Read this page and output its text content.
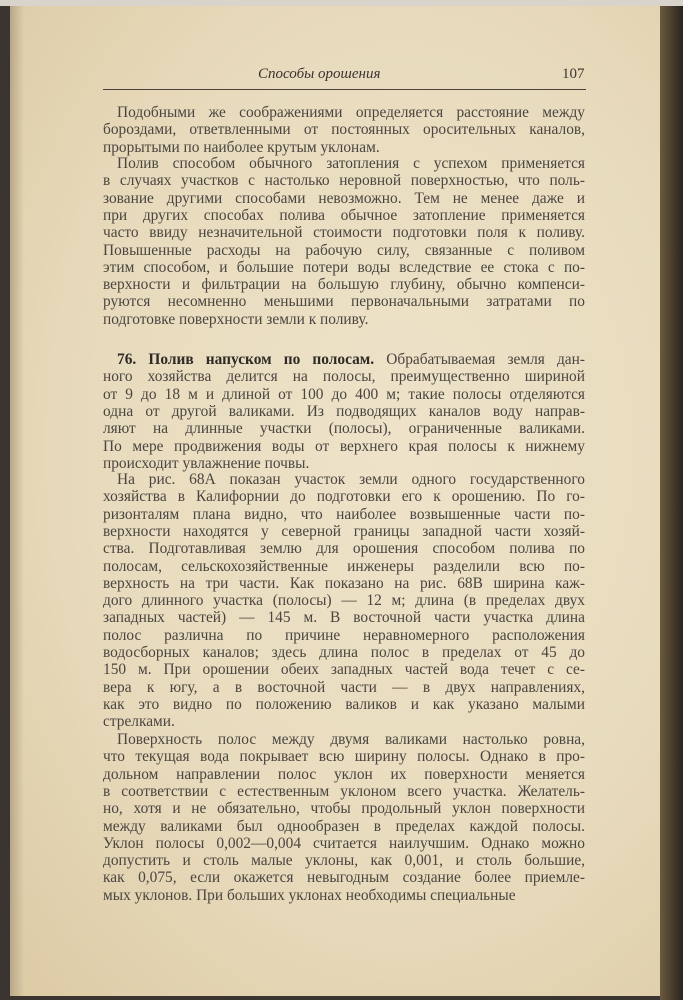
Способы орошения	107
Подобными же соображениями определяется расстояние между
бороздами, ответвленными от постоянных оросительных каналов,
прорытыми по наиболее крутым уклонам.
Полив способом обычного затопления с успехом применяется
в случаях участков с настолько неровной поверхностью, что поль-
зование другими способами невозможно. Тем не менее даже и
при других способах полива обычное затопление применяется
часто ввиду незначительной стоимости подготовки поля к поливу.
Повышенные расходы на рабочую силу, связанные с поливом
этим способом, и большие потери воды вследствие ее стока с по-
верхности и фильтрации на большую глубину, обычно компенси-
руются несомненно меньшими первоначальными затратами по
подготовке поверхности земли к поливу.
76. Полив напуском по полосам. Обрабатываемая земля дан-
ного хозяйства делится на полосы, преимущественно шириной
от 9 до 18 м и длиной от 100 до 400 м; такие полосы отделяются
одна от другой валиками. Из подводящих каналов воду направ-
ляют на длинные участки (полосы), ограниченные валиками.
По мере продвижения воды от верхнего края полосы к нижнему
происходит увлажнение почвы.
На рис. 68А показан участок земли одного государственного
хозяйства в Калифорнии до подготовки его к орошению. По го-
ризонталям плана видно, что наиболее возвышенные части по-
верхности находятся у северной границы западной части хозяй-
ства. Подготавливая землю для орошения способом полива по
полосам, сельскохозяйственные инженеры разделили всю по-
верхность на три части. Как показано на рис. 68В ширина каж-
дого длинного участка (полосы) — 12 м; длина (в пределах двух
западных частей) — 145 м. В восточной части участка длина
полос различна по причине неравномерного расположения
водосборных каналов; здесь длина полос в пределах от 45 до
150 м. При орошении обеих западных частей вода течет с се-
вера к югу, а в восточной части — в двух направлениях,
как это видно по положению валиков и как указано малыми
стрелками.
Поверхность полос между двумя валиками настолько ровна,
что текущая вода покрывает всю ширину полосы. Однако в про-
дольном направлении полос уклон их поверхности меняется
в соответствии с естественным уклоном всего участка. Желатель-
но, хотя и не обязательно, чтобы продольный уклон поверхности
между валиками был однообразен в пределах каждой полосы.
Уклон полосы 0,002—0,004 считается наилучшим. Однако можно
допустить и столь малые уклоны, как 0,001, и столь большие,
как 0,075, если окажется невыгодным создание более приемле-
мых уклонов. При больших уклонах необходимы специальные
